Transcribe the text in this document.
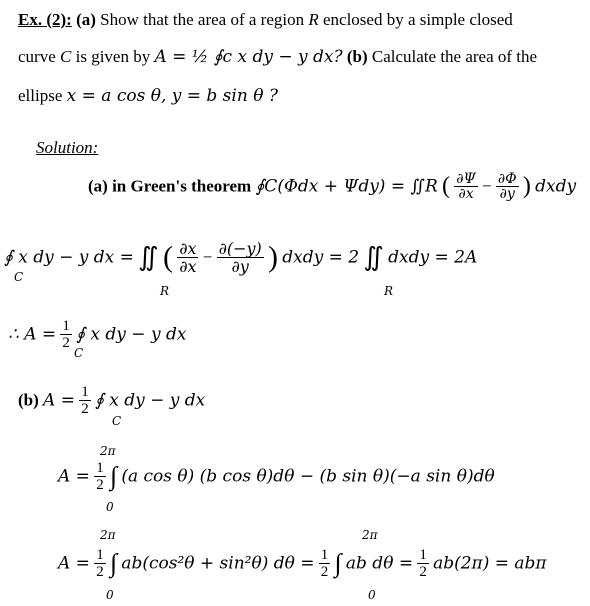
Ex. (2): (a) Show that the area of a region R enclosed by a simple closed
curve C is given by A = ½ ∮c x dy − y dx? (b) Calculate the area of the
ellipse x = a cos θ, y = b sin θ ?
Solution:
(a) in Green's theorem ∮C(Φdx + Ψdy) = ∬R ( $\frac{\partial\Psi}{\partial x} - \frac{\partial\Phi}{\partial y}$ ) dxdy
∮ x dy − y dx = ∬ ( $\frac{\partial x}{\partial x} - \frac{\partial(-y)}{\partial y}$ ) dxdy = 2 ∬ dxdy = 2A
R	R
C
∴ $A = \frac{1}{2}$ ∮ x dy − y dx
C
(b) $A = \frac{1}{2}$ ∮ x dy − y dx
C
2π
$A = \frac{1}{2}$ ∫ (a cos θ) (b cos θ)dθ − (b sin θ)(−a sin θ)dθ
0
2π	2π
$A = \frac{1}{2}$ ∫ ab(cos²θ + sin²θ) $d\theta = \frac{1}{2}$ ∫ ab $d\theta = \frac{1}{2} ab(2\pi) = ab\pi$
0	0
